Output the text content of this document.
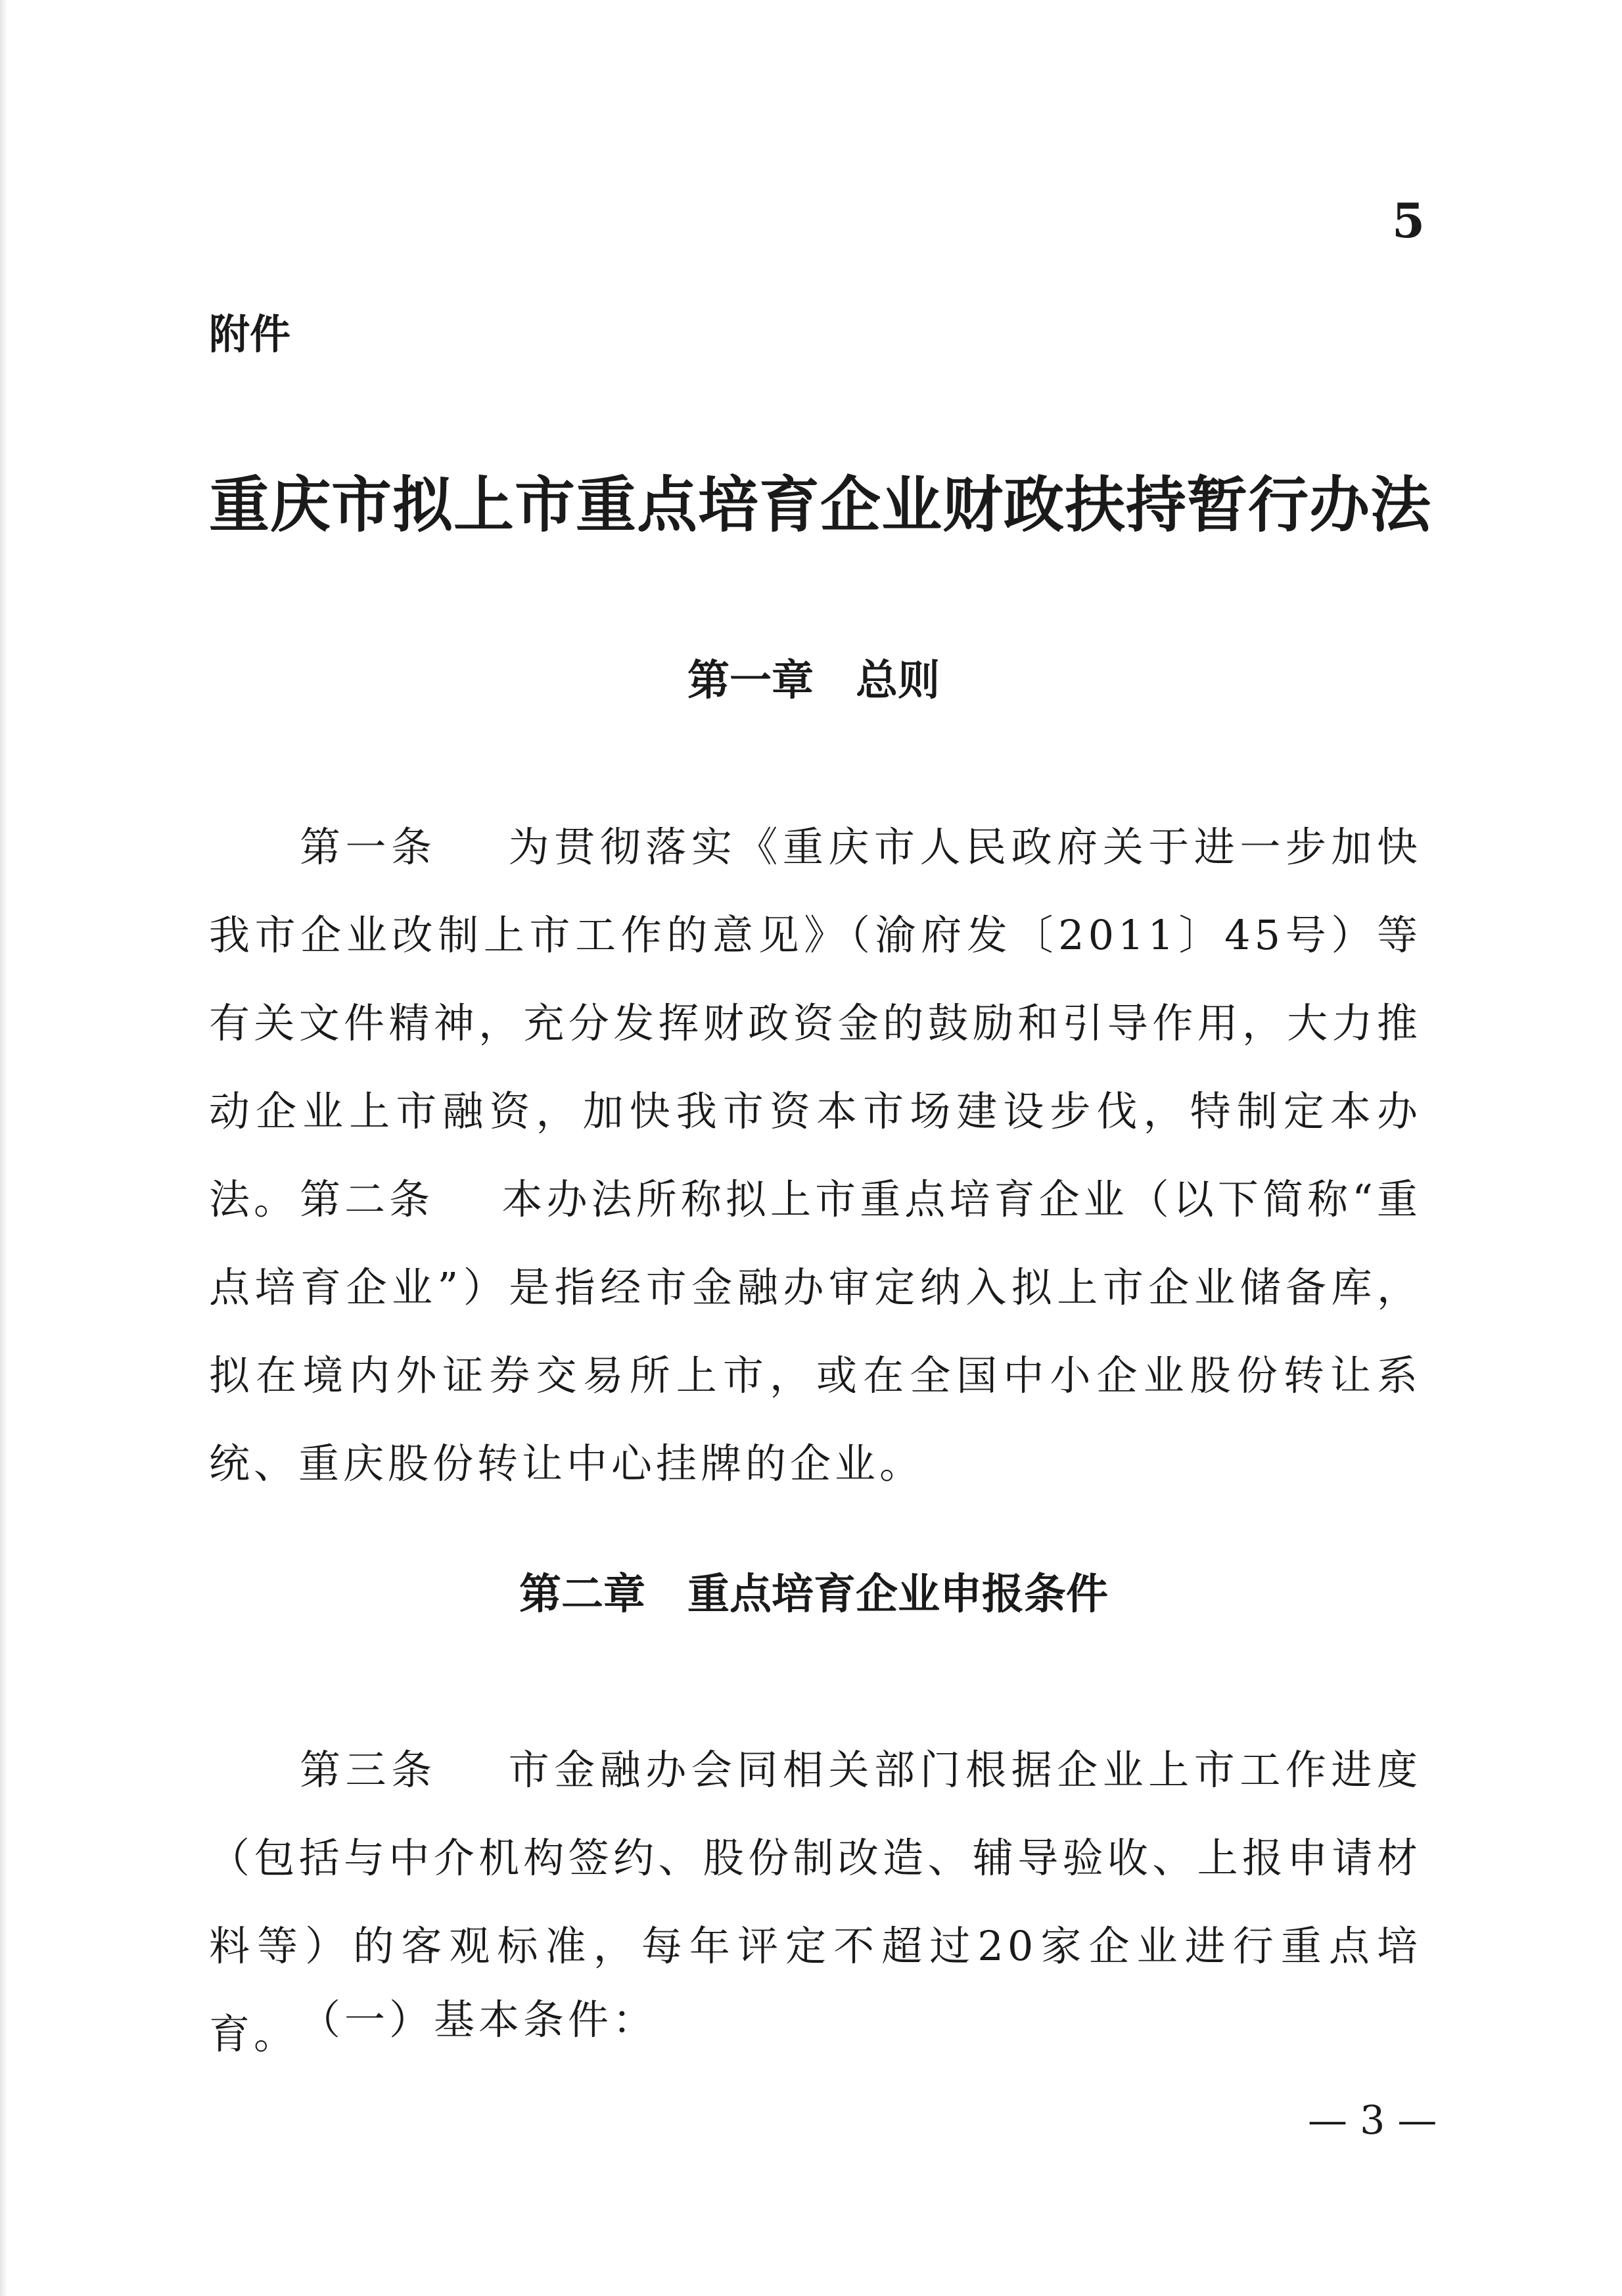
5
附件
重庆市拟上市重点培育企业财政扶持暂行办法
第一章　总则
第一条 为贯彻落实《重庆市人民政府关于进一步加快我市企业改制上市工作的意见》（渝府发〔2011〕45号）等有关文件精神，充分发挥财政资金的鼓励和引导作用，大力推动企业上市融资，加快我市资本市场建设步伐，特制定本办法。 第二条 本办法所称拟上市重点培育企业（以下简称“重点培育企业”）是指经市金融办审定纳入拟上市企业储备库，拟在境内外证券交易所上市，或在全国中小企业股份转让系统、重庆股份转让中心挂牌的企业。
第二章　重点培育企业申报条件
第三条 市金融办会同相关部门根据企业上市工作进度（包括与中介机构签约、股份制改造、辅导验收、上报申请材料等）的客观标准，每年评定不超过20家企业进行重点培育。 （一）基本条件：
— 3 —
